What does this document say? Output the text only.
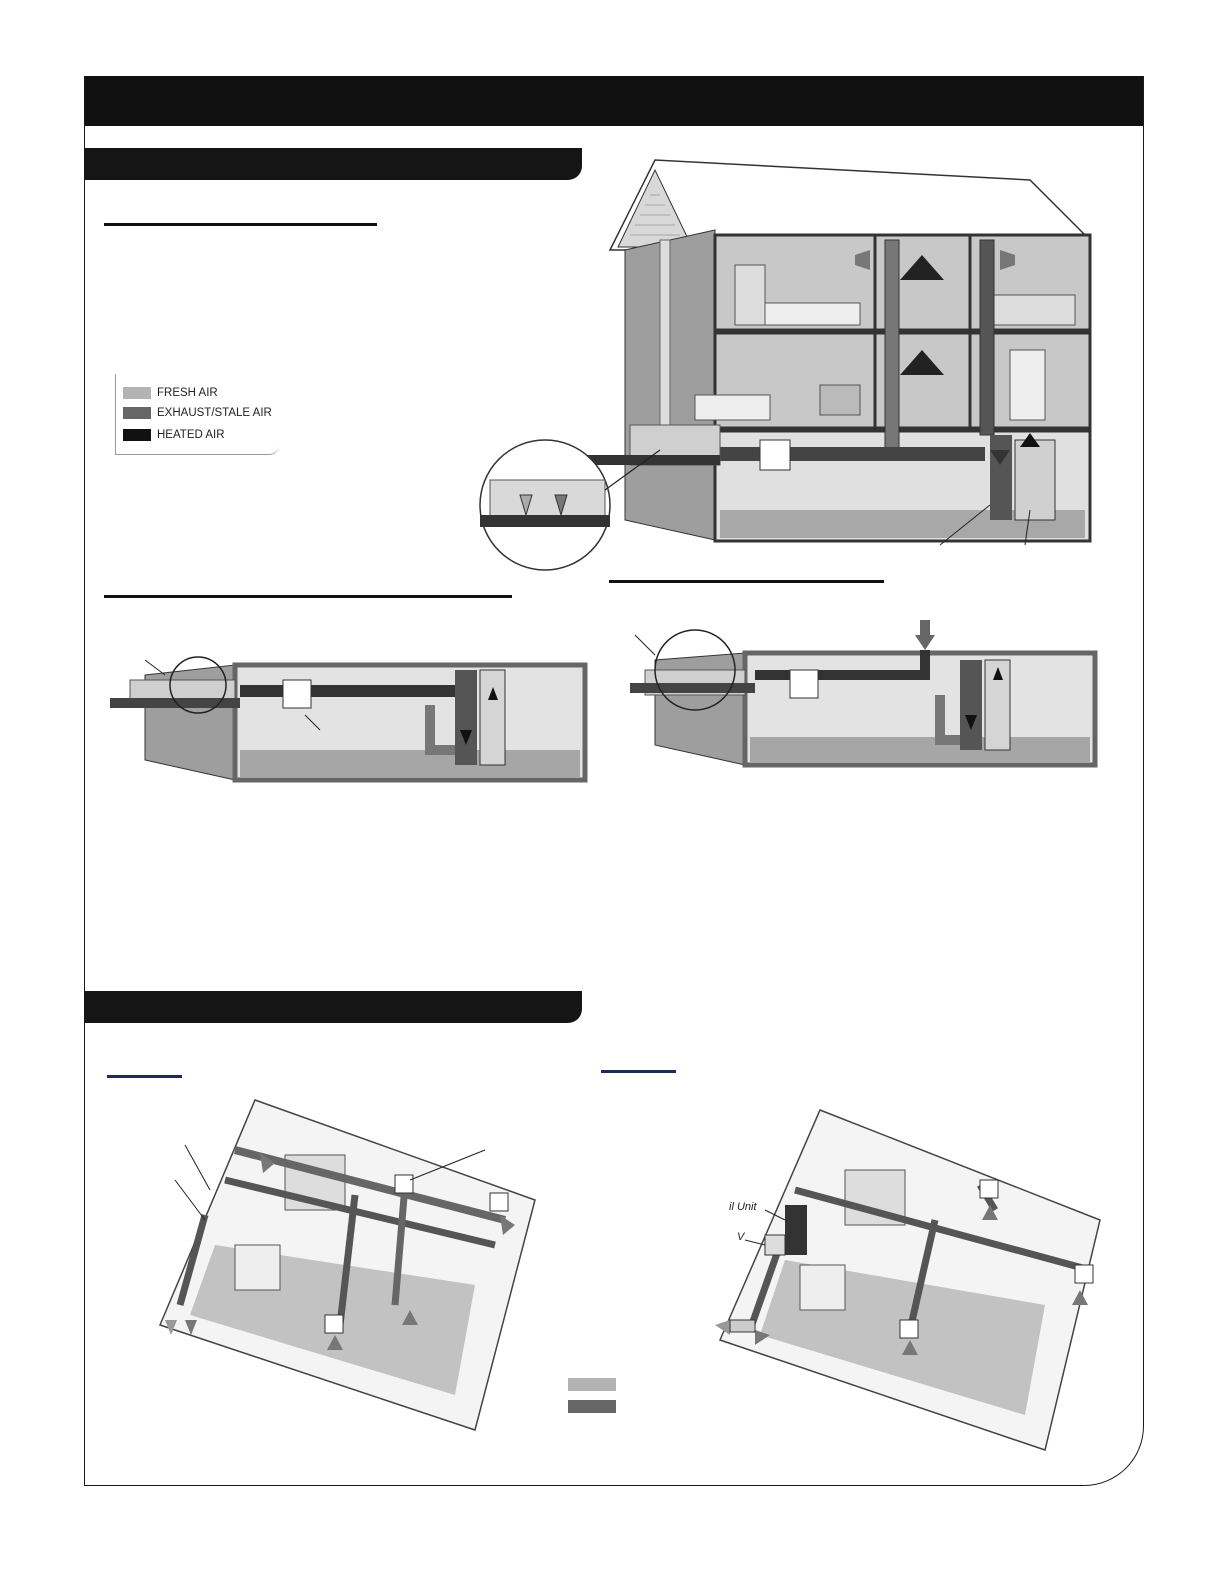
FRESH AIR
EXHAUST/STALE AIR
HEATED AIR
il Unit
V
